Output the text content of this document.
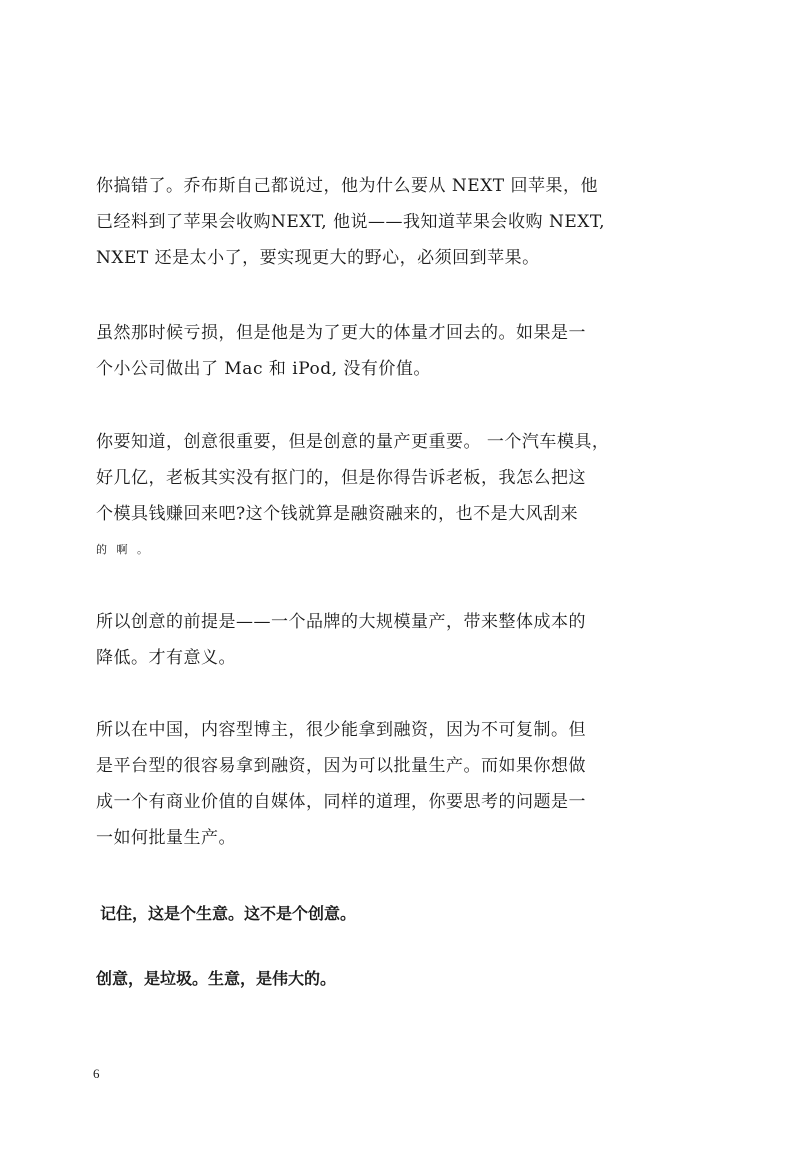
你搞错了。乔布斯自己都说过，他为什么要从 NEXT 回苹果，他
已经料到了苹果会收购NEXT, 他说——我知道苹果会收购 NEXT,
NXET 还是太小了，要实现更大的野心，必须回到苹果。

虽然那时候亏损，但是他是为了更大的体量才回去的。如果是一
个小公司做出了 Mac 和 iPod, 没有价值。

你要知道，创意很重要，但是创意的量产更重要。 一个汽车模具，
好几亿，老板其实没有抠门的，但是你得告诉老板，我怎么把这
个模具钱赚回来吧?这个钱就算是融资融来的，也不是大风刮来
的 啊 。

所以创意的前提是——一个品牌的大规模量产，带来整体成本的
降低。才有意义。

所以在中国，内容型博主，很少能拿到融资，因为不可复制。但
是平台型的很容易拿到融资，因为可以批量生产。而如果你想做
成一个有商业价值的自媒体，同样的道理，你要思考的问题是一
一如何批量生产。

记住，这是个生意。这不是个创意。

创意，是垃圾。生意，是伟大的。

6
